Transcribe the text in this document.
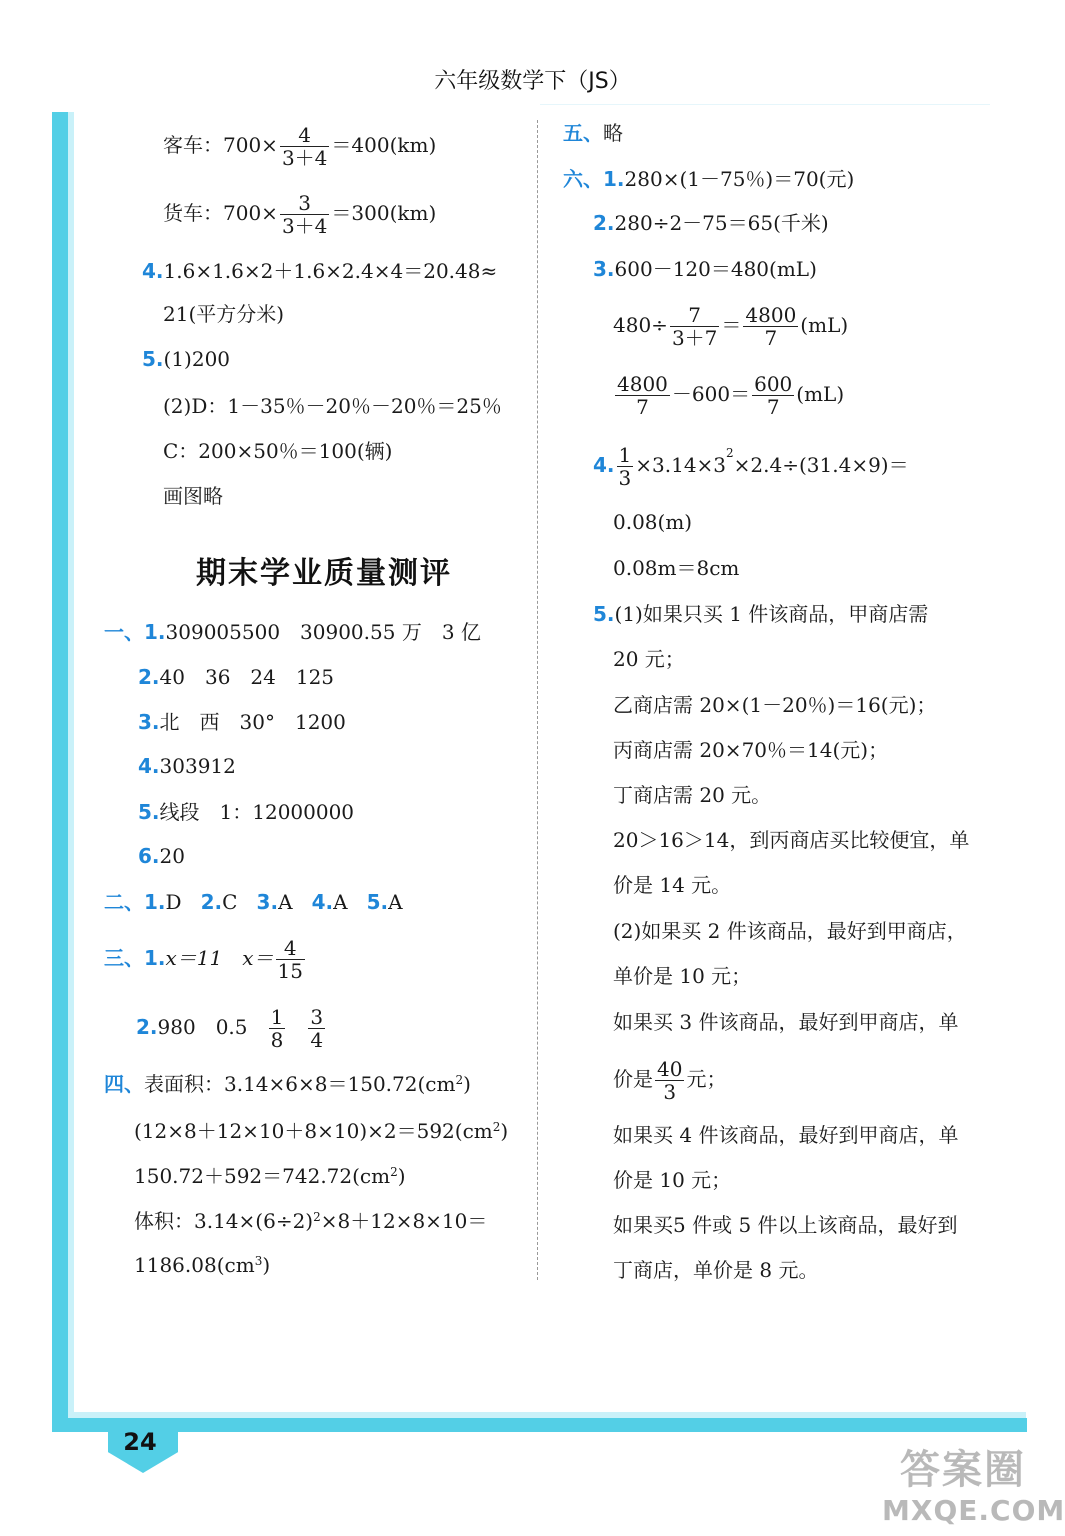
六年级数学下（JS）
24
客车：$700\times \frac{4}{3+4} =400(km)$
货车：$700\times \frac{3}{3+4} =300(km)$
4.1.6×1.6×2＋1.6×2.4×4＝20.48≈
21(平方分米)
5.(1)200
(2)D：1－35％－20％－20％＝25％
C：200×50％＝100(辆)
画图略
期末学业质量测评
一、1.309005500　30900.55 万　3 亿
2.40　36　24　125
3.北　西　30°　1200
4.303912
5.线段　1：12000000
6.20
二、1.D 2.C 3.A 4.A 5.A
三、1.x＝11　$x= \frac{4}{15}$
2.980　$0.5 \frac{1}{8}$
$\frac{3}{4}$
四、表面积：$3.14\times 6\times 8=150.72(cm^2)$
$(12\times 8+12\times 10+8\times 10)\times 2=592(cm^2)$
$150.72+592=742.72(cm^2)$
体积：$3.14\times(6\div 2)^2\times 8+12\times 8\times 10=$
$1186.08(cm^3)$
五、略
六、1.280×(1－75％)＝70(元)
2.280÷2－75＝65(千米)
3.600－120＝480(mL)
$480\div \frac{7}{3+7} = \frac{4800}{7} (mL)$
$\frac{4800}{7} -600= \frac{600}{7} (mL)$
4. $\frac{1}{3} \times 3.14\times 3^2\times 2.4\div(31.4\times 9)=$
0.08(m)
0.08m＝8cm
5.(1)如果只买 1 件该商品，甲商店需
20 元；
乙商店需 20×(1－20％)＝16(元)；
丙商店需 20×70％＝14(元)；
丁商店需 20 元。
20＞16＞14，到丙商店买比较便宜，单
价是 14 元。
(2)如果买 2 件该商品，最好到甲商店，
单价是 10 元；
如果买 3 件该商品，最好到甲商店，单
价是 $\frac{40}{3}$ 元；
如果买 4 件该商品，最好到甲商店，单
价是 10 元；
如果买5 件或 5 件以上该商品，最好到
丁商店，单价是 8 元。
答案圈
MXQE.COM
